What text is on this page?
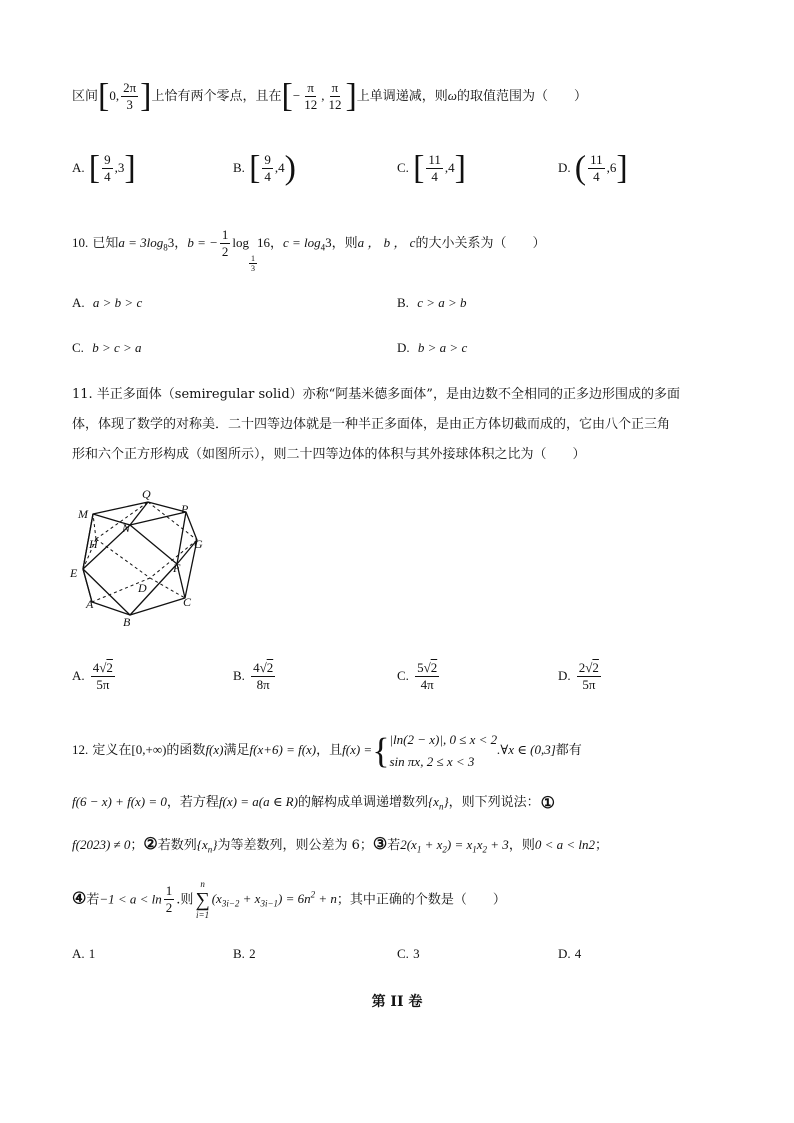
区间[0, $\frac{2\pi}{3}$ ]上恰有两个零点，且在[− $\frac{\pi}{12}$ , $\frac{\pi}{12}$ ]上单调递减，则ω的取值范围为（　　）
A. [ $\frac{9}{4} ,3$]	B. [ $\frac{9}{4} ,4$)	C. [ $\frac{11}{4} ,4$]	D. ( $\frac{11}{4} ,6$]
10. 已知$a = 3\log_83$，b = − $\frac{1}{2}$ log
$\frac{1}{3}$
16，$c = \log_43$，则a ， b ， c的大小关系为（　　）
A. a > b > c	B. c > a > b
C. b > c > a	D. b > a > c
11. 半正多面体（semiregular solid）亦称“阿基米德多面体”，是由边数不全相同的正多边形围成的多面
体，体现了数学的对称美．二十四等边体就是一种半正多面体，是由正方体切截而成的，它由八个正三角
形和六个正方形构成（如图所示），则二十四等边体的体积与其外接球体积之比为（　　）
M
Q
P
N
H	G
E	F
D
A	C
B
A. $\frac{4√2}{5\pi}$	B. $\frac{4√2}{8\pi}$	C. $\frac{5√2}{4\pi}$	D. $\frac{2√2}{5\pi}$
12. 定义在[0,+∞)的函数f(x)满足f(x+6) = f(x)，且f(x) ={ |ln(2 − x)|, 0 ≤ x < 2
sin πx, 2 ≤ x < 3
.∀x ∈ (0,3]都有
f(6 − x) + f(x) = 0，若方程f(x) = a(a ∈ R)的解构成单调递增数列$\{x_n\}$，则下列说法：①
f(2023) ≠ 0；②若数列$\{x_n\}$为等差数列，则公差为 6；③若$2(x_1 + x_2) = x_1x_2 + 3$，则0 < a < ln2；
④若$-1 < a < \ln \frac{1}{2}$ .则
n
∑
i=1
$(x_{3i-2} + x_{3i-1}) = 6n^2 + n$；其中正确的个数是（　　）
A. 1	B. 2	C. 3	D. 4
第 II 卷
